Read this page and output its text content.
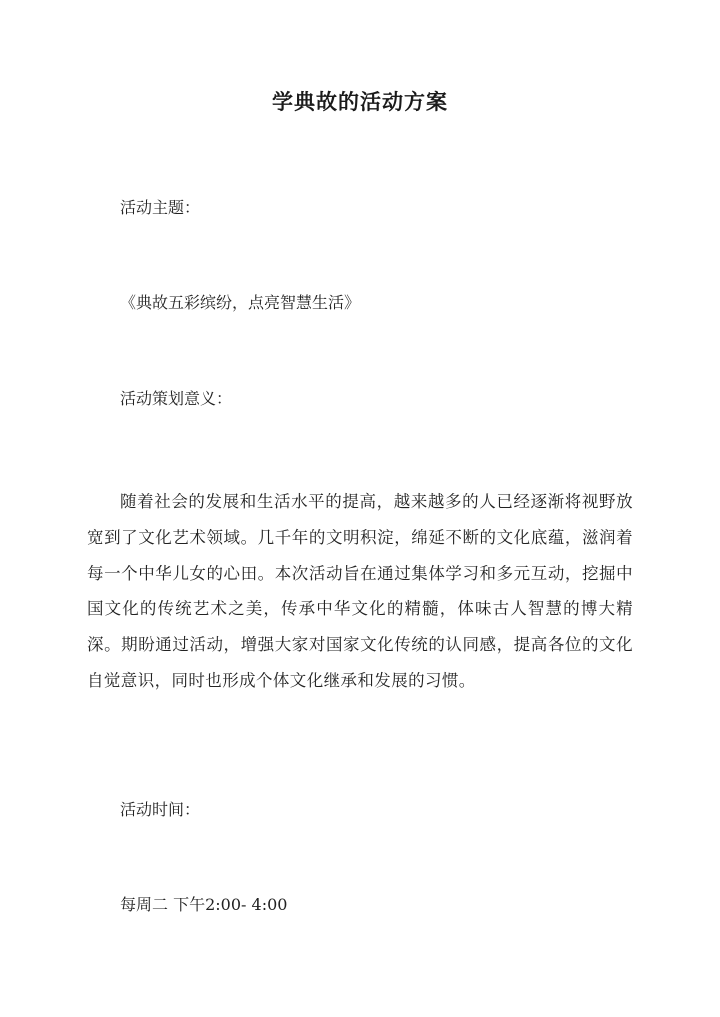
学典故的活动方案
活动主题：
《典故五彩缤纷，点亮智慧生活》
活动策划意义：

随着社会的发展和生活水平的提高，越来越多的人已经逐渐将视野放宽到了文化艺术领域。几千年的文明积淀，绵延不断的文化底蕴，滋润着每一个中华儿女的心田。本次活动旨在通过集体学习和多元互动，挖掘中国文化的传统艺术之美，传承中华文化的精髓，体味古人智慧的博大精深。期盼通过活动，增强大家对国家文化传统的认同感，提高各位的文化自觉意识，同时也形成个体文化继承和发展的习惯。

活动时间：
每周二 下午2:00- 4:00
